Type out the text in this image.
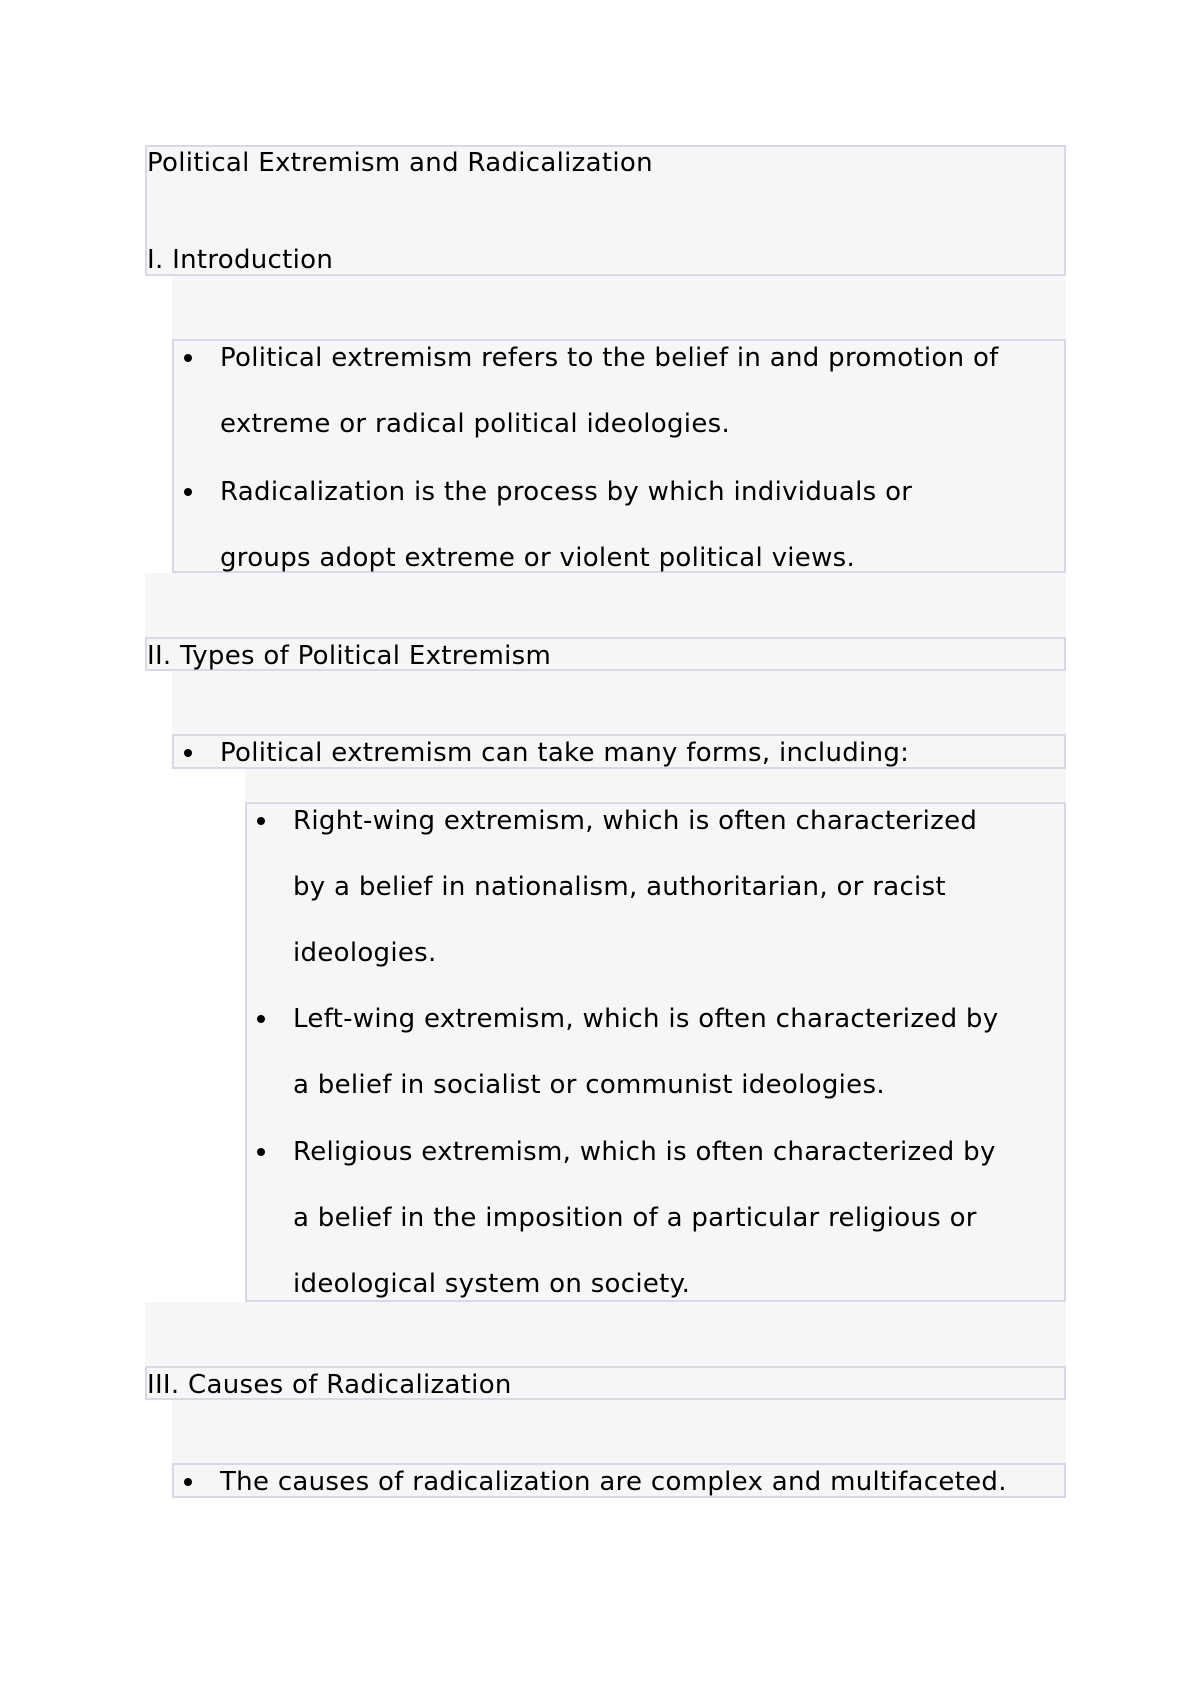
Political Extremism and Radicalization
I. Introduction
II. Types of Political Extremism
III. Causes of Radicalization
Political extremism refers to the belief in and promotion of
extreme or radical political ideologies.
Radicalization is the process by which individuals or
groups adopt extreme or violent political views.
Political extremism can take many forms, including:
Right-wing extremism, which is often characterized
by a belief in nationalism, authoritarian, or racist
ideologies.
Left-wing extremism, which is often characterized by
a belief in socialist or communist ideologies.
Religious extremism, which is often characterized by
a belief in the imposition of a particular religious or
ideological system on society.
The causes of radicalization are complex and multifaceted.
